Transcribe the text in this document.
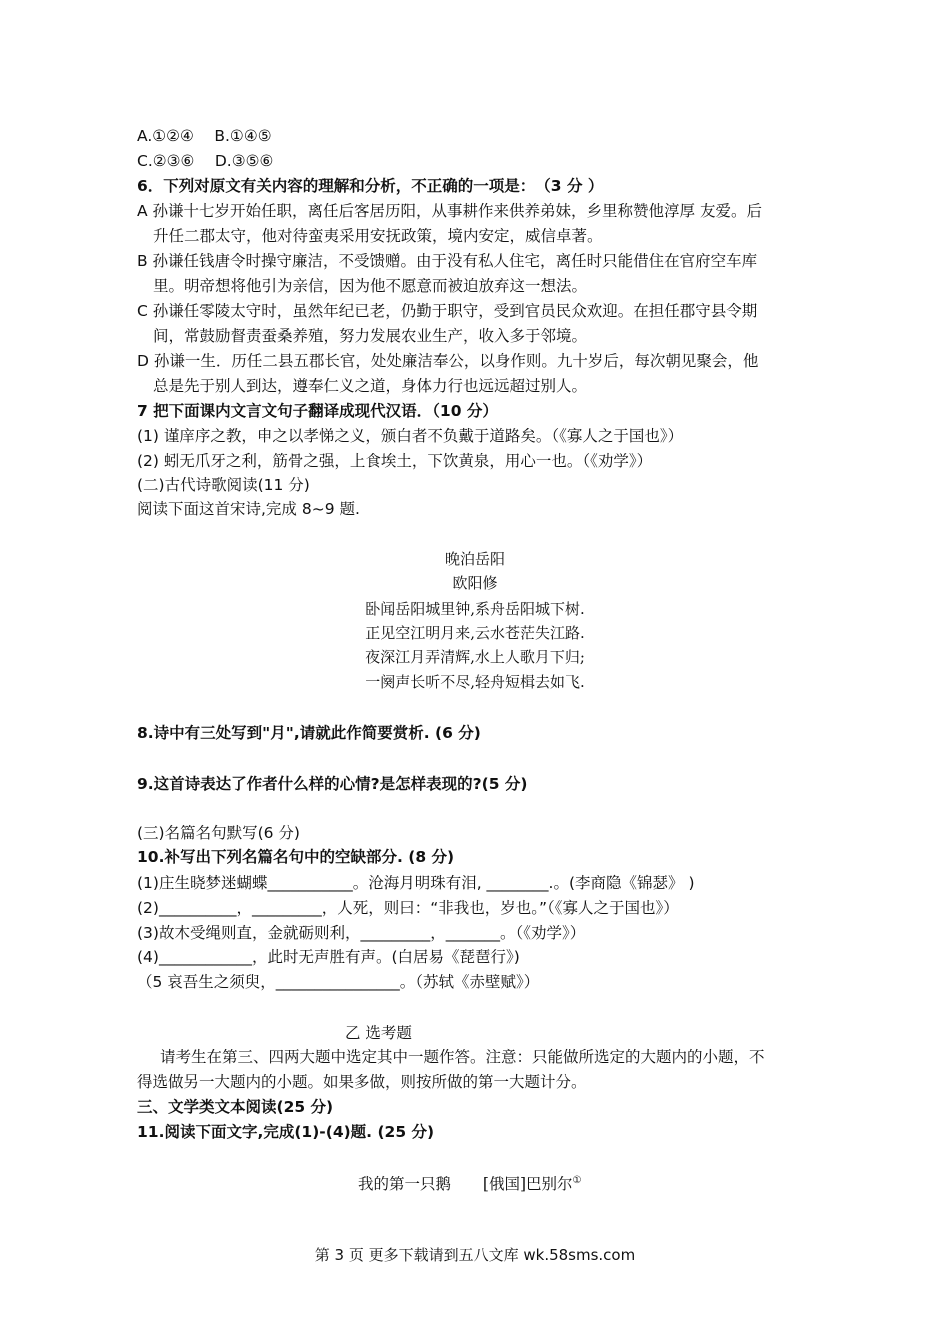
A.①②④　 B.①④⑤
C.②③⑥　 D.③⑤⑥
6．下列对原文有关内容的理解和分析，不正确的一项是：　（3 分 ）
A 孙谦十七岁开始任职，离任后客居历阳，从事耕作来供养弟妹，乡里称赞他淳厚 友爱。后
升任二郡太守，他对待蛮夷采用安抚政策，境内安定，威信卓著。
B 孙谦任钱唐令时操守廉洁，不受馈赠。由于没有私人住宅，离任时只能借住在官府空车库
里。明帝想将他引为亲信，因为他不愿意而被迫放弃这一想法。
C 孙谦任零陵太守时，虽然年纪已老，仍勤于职守，受到官员民众欢迎。在担任郡守县令期
间，常鼓励督责蚕桑养殖，努力发展农业生产，收入多于邻境。
D 孙谦一生．历任二县五郡长官，处处廉洁奉公，以身作则。九十岁后，每次朝见聚会，他
总是先于别人到达，遵奉仁义之道，身体力行也远远超过别人。
7 把下面课内文言文句子翻译成现代汉语．（10 分）
(1) 谨庠序之教，申之以孝悌之义，颁白者不负戴于道路矣。（《寡人之于国也》）
(2) 蚓无爪牙之利，筋骨之强，上食埃土，下饮黄泉，用心一也。（《劝学》）
(二)古代诗歌阅读(11 分)
阅读下面这首宋诗,完成 8~9 题.
晚泊岳阳
欧阳修
卧闻岳阳城里钟,系舟岳阳城下树.
正见空江明月来,云水苍茫失江路.
夜深江月弄清辉,水上人歌月下归;
一阕声长听不尽,轻舟短楫去如飞.
8.诗中有三处写到"月",请就此作简要赏析. (6 分)
9.这首诗表达了作者什么样的心情?是怎样表现的?(5 分)
(三)名篇名句默写(6 分)
10.补写出下列名篇名句中的空缺部分. (8 分)
(1)庄生晓梦迷蝴蝶___________。沧海月明珠有泪, ________.。(李商隐《锦瑟》 )
(2)__________，_________，人死，则曰：“非我也，岁也。”（《寡人之于国也》）
(3)故木受绳则直，金就砺则利，_________，_______。（《劝学》）
(4)____________，此时无声胜有声。(白居易《琵琶行》)
（5 哀吾生之须臾，________________。（苏轼《赤壁赋》）
乙 选考题
请考生在第三、四两大题中选定其中一题作答。注意：只能做所选定的大题内的小题，不
得选做另一大题内的小题。如果多做，则按所做的第一大题计分。
三、文学类文本阅读(25 分)
11.阅读下面文字,完成(1)-(4)题. (25 分)
我的第一只鹅 [俄国]巴别尔①
第 3 页 更多下载请到五八文库 wk.58sms.com
